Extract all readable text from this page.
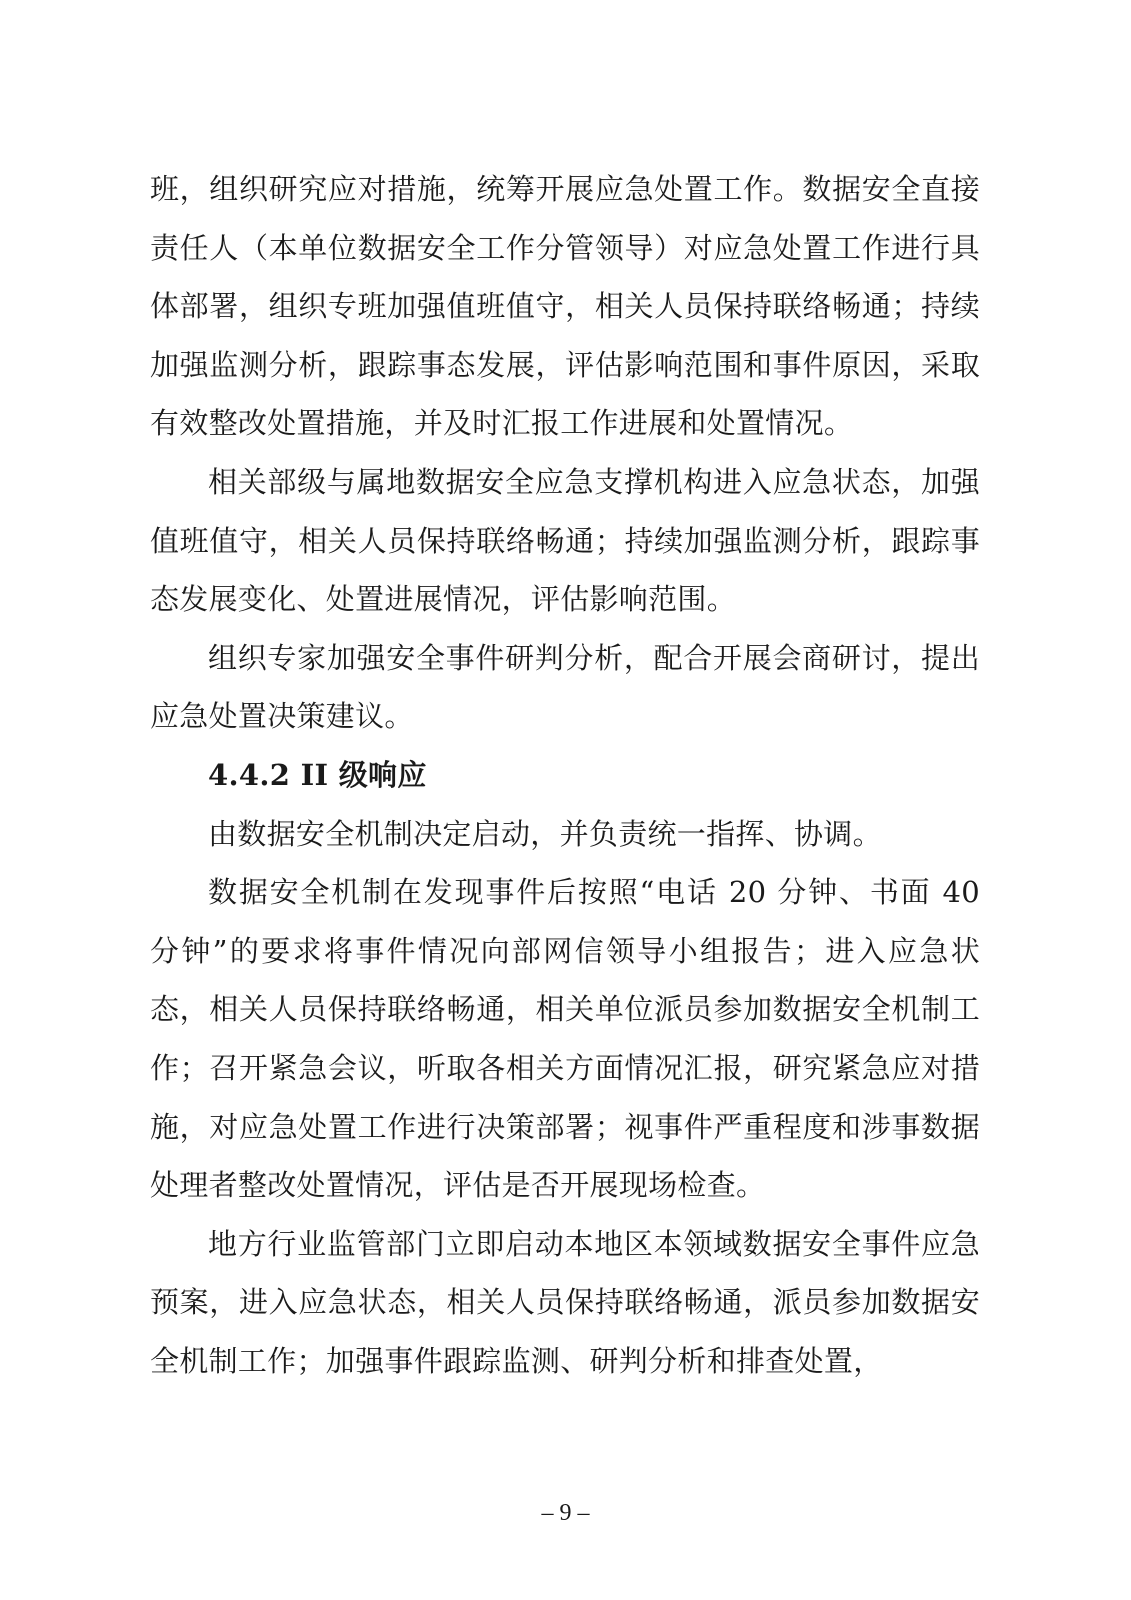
班，组织研究应对措施，统筹开展应急处置工作。数据安全直接责任人（本单位数据安全工作分管领导）对应急处置工作进行具体部署，组织专班加强值班值守，相关人员保持联络畅通；持续加强监测分析，跟踪事态发展，评估影响范围和事件原因，采取有效整改处置措施，并及时汇报工作进展和处置情况。

相关部级与属地数据安全应急支撑机构进入应急状态，加强值班值守，相关人员保持联络畅通；持续加强监测分析，跟踪事态发展变化、处置进展情况，评估影响范围。

组织专家加强安全事件研判分析，配合开展会商研讨，提出应急处置决策建议。

4.4.2 II 级响应

由数据安全机制决定启动，并负责统一指挥、协调。

数据安全机制在发现事件后按照“电话 20 分钟、书面 40 分钟”的要求将事件情况向部网信领导小组报告；进入应急状态，相关人员保持联络畅通，相关单位派员参加数据安全机制工作；召开紧急会议，听取各相关方面情况汇报，研究紧急应对措施，对应急处置工作进行决策部署；视事件严重程度和涉事数据处理者整改处置情况，评估是否开展现场检查。

地方行业监管部门立即启动本地区本领域数据安全事件应急预案，进入应急状态，相关人员保持联络畅通，派员参加数据安全机制工作；加强事件跟踪监测、研判分析和排查处置，

– 9 –
